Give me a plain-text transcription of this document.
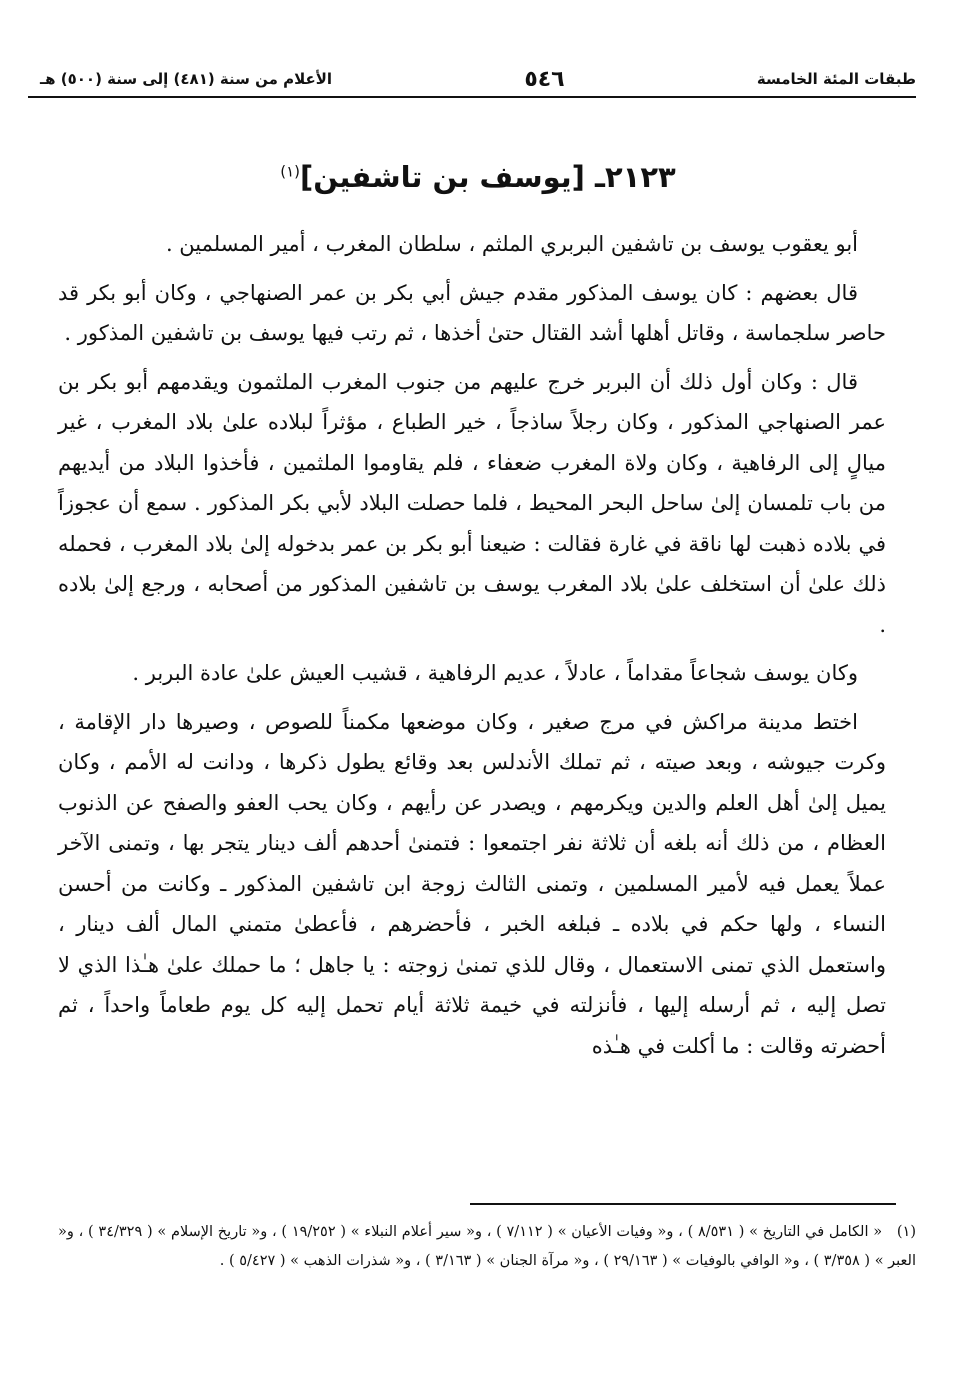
طبقات المئة الخامسة
٥٤٦
الأعلام من سنة (٤٨١) إلى سنة (٥٠٠) هـ
٢١٢٣ـ [يوسف بن تاشفين]$^{(١)}$

أبو يعقوب يوسف بن تاشفين البربري الملثم ، سلطان المغرب ، أمير المسلمين .

قال بعضهم : كان يوسف المذكور مقدم جيش أبي بكر بن عمر الصنهاجي ، وكان أبو بكر قد حاصر سلجماسة ، وقاتل أهلها أشد القتال حتىٰ أخذها ، ثم رتب فيها يوسف بن تاشفين المذكور .

قال : وكان أول ذلك أن البربر خرج عليهم من جنوب المغرب الملثمون ويقدمهم أبو بكر بن عمر الصنهاجي المذكور ، وكان رجلاً ساذجاً ، خير الطباع ، مؤثراً لبلاده علىٰ بلاد المغرب ، غير ميالٍ إلى الرفاهية ، وكان ولاة المغرب ضعفاء ، فلم يقاوموا الملثمين ، فأخذوا البلاد من أيديهم من باب تلمسان إلىٰ ساحل البحر المحيط ، فلما حصلت البلاد لأبي بكر المذكور . سمع أن عجوزاً في بلاده ذهبت لها ناقة في غارة فقالت : ضيعنا أبو بكر بن عمر بدخوله إلىٰ بلاد المغرب ، فحمله ذلك علىٰ أن استخلف علىٰ بلاد المغرب يوسف بن تاشفين المذكور من أصحابه ، ورجع إلىٰ بلاده .

وكان يوسف شجاعاً مقداماً ، عادلاً ، عديم الرفاهية ، قشيب العيش علىٰ عادة البربر .

اختط مدينة مراكش في مرج صغير ، وكان موضعها مكمناً للصوص ، وصيرها دار الإقامة ، وكرت جيوشه ، وبعد صيته ، ثم تملك الأندلس بعد وقائع يطول ذكرها ، ودانت له الأمم ، وكان يميل إلىٰ أهل العلم والدين ويكرمهم ، ويصدر عن رأيهم ، وكان يحب العفو والصفح عن الذنوب العظام ، من ذلك أنه بلغه أن ثلاثة نفر اجتمعوا : فتمنىٰ أحدهم ألف دينار يتجر بها ، وتمنى الآخر عملاً يعمل فيه لأمير المسلمين ، وتمنى الثالث زوجة ابن تاشفين المذكور ـ وكانت من أحسن النساء ، ولها حكم في بلاده ـ فبلغه الخبر ، فأحضرهم ، فأعطىٰ متمني المال ألف دينار ، واستعمل الذي تمنى الاستعمال ، وقال للذي تمنىٰ زوجته : يا جاهل ؛ ما حملك علىٰ هـٰذا الذي لا تصل إليه ، ثم أرسله إليها ، فأنزلته في خيمة ثلاثة أيام تحمل إليه كل يوم طعاماً واحداً ، ثم أحضرته وقالت : ما أكلت في هـٰذه

(١) « الكامل في التاريخ » ( ٨/٥٣١ ) ، و« وفيات الأعيان » ( ٧/١١٢ ) ، و« سير أعلام النبلاء » ( ١٩/٢٥٢ ) ، و« تاريخ الإسلام » ( ٣٤/٣٢٩ ) ، و« العبر » ( ٣/٣٥٨ ) ، و« الوافي بالوفيات » ( ٢٩/١٦٣ ) ، و« مرآة الجنان » ( ٣/١٦٣ ) ، و« شذرات الذهب » ( ٥/٤٢٧ ) .
